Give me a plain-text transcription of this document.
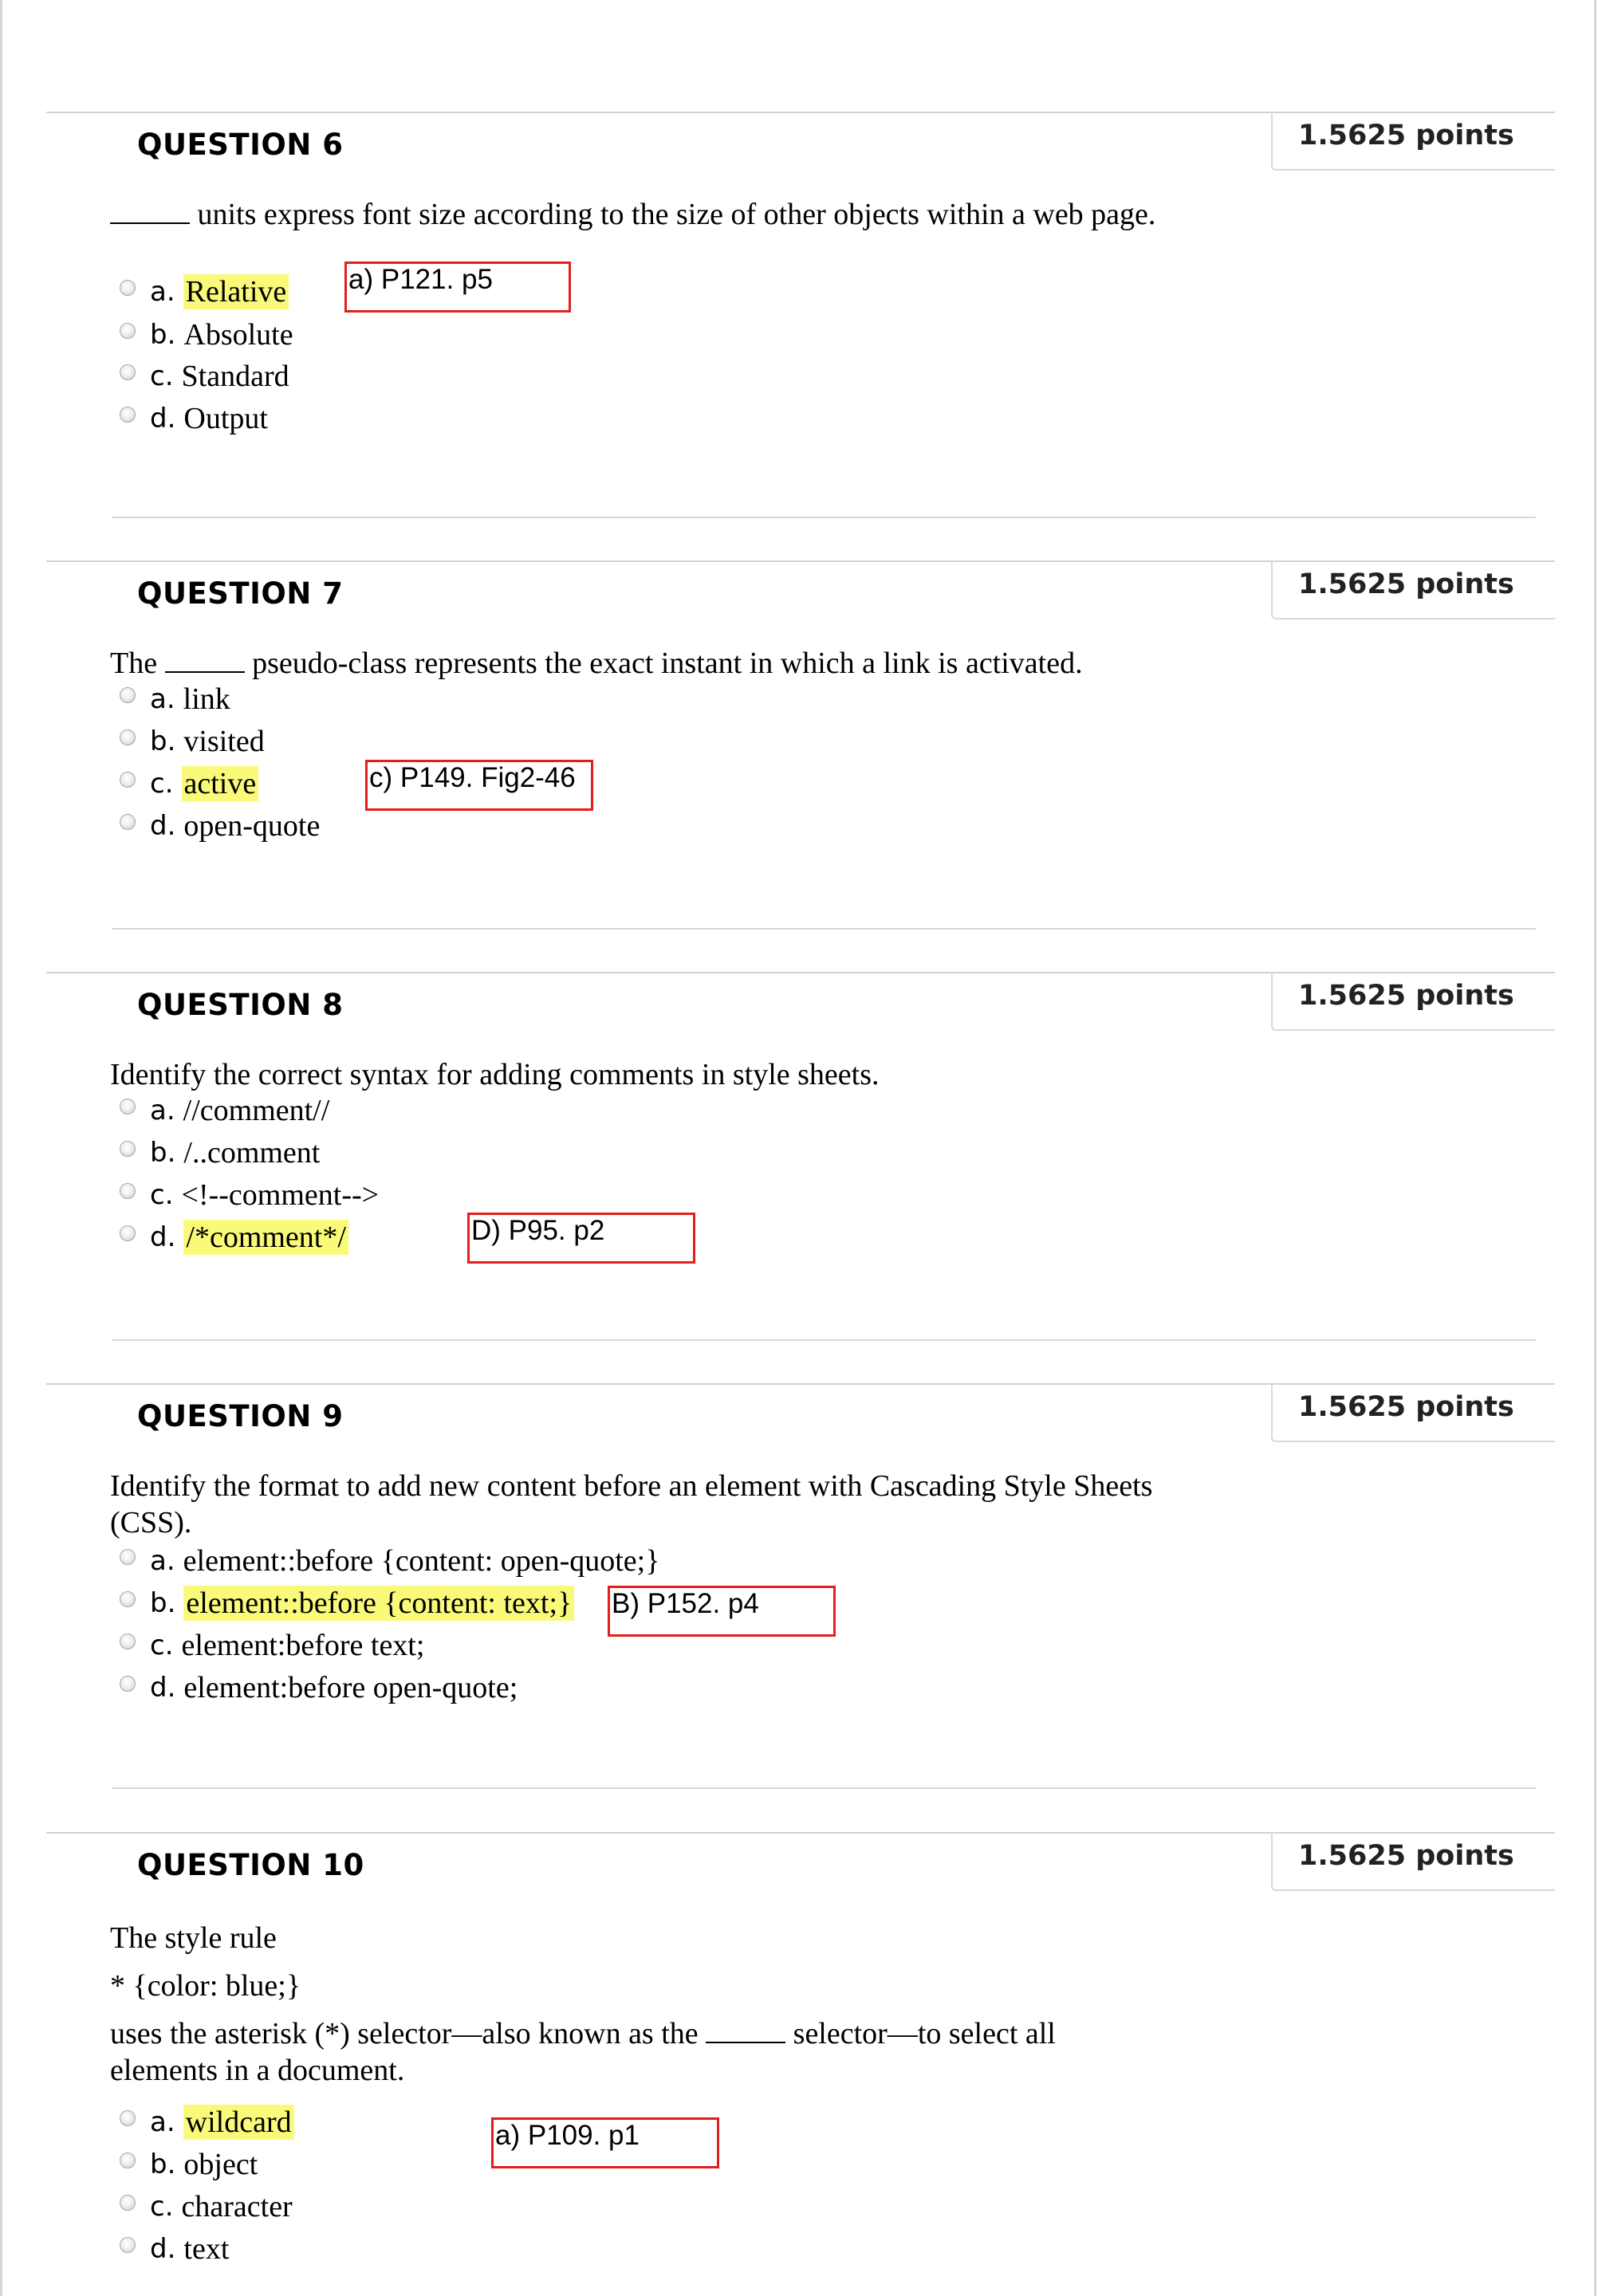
QUESTION 6	1.5625 points

units express font size according to the size of other objects within a web page.

a. Relative
b. Absolute
c. Standard
d. Output
a) P121. p5
QUESTION 7	1.5625 points

The	pseudo-class represents the exact instant in which a link is activated.

a. link
b. visited
c. active
d. open-quote
c) P149. Fig2-46
QUESTION 8	1.5625 points

Identify the correct syntax for adding comments in style sheets.

a. //comment//
b. /..comment
c. <!--comment-->
d. /*comment*/	D) P95. p2
QUESTION 9	1.5625 points

Identify the format to add new content before an element with Cascading Style Sheets (CSS).

a. element::before {content: open-quote;}
b. element::before {content: text;}
c. element:before text;
d. element:before open-quote;
B) P152. p4
QUESTION 10	1.5625 points

The style rule

* {color: blue;}

uses the asterisk (*) selector—also known as the	selector—to select all elements in a document.

a. wildcard
b. object
c. character
d. text
a) P109. p1
